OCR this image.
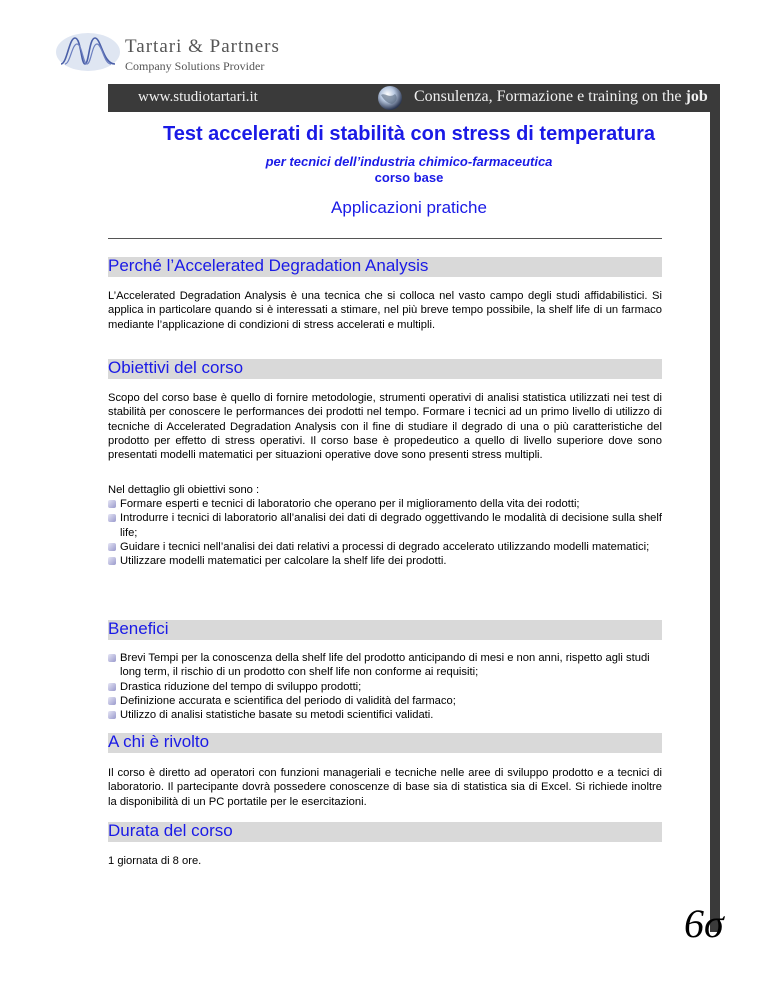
Tartari & Partners
Company Solutions Provider
www.studiotartari.it	Consulenza, Formazione e training on the job
Test accelerati di stabilità con stress di temperatura
per tecnici dell’industria chimico-farmaceutica
corso base
Applicazioni pratiche
Perché l’Accelerated Degradation Analysis
L’Accelerated Degradation Analysis è una tecnica che si colloca nel vasto campo degli studi affidabilistici. Si applica in particolare quando si è interessati a stimare, nel più breve tempo possibile, la shelf life di un farmaco mediante l’applicazione di condizioni di stress accelerati e multipli.
Obiettivi del corso
Scopo del corso base è quello di fornire metodologie, strumenti operativi di analisi statistica utilizzati nei test di stabilità per conoscere le performances dei prodotti nel tempo. Formare i tecnici ad un primo livello di utilizzo di tecniche di Accelerated Degradation Analysis con il fine di studiare il degrado di una o più caratteristiche del prodotto per effetto di stress operativi. Il corso base è propedeutico a quello di livello superiore dove sono presentati modelli matematici per situazioni operative dove sono presenti stress multipli.
Nel dettaglio gli obiettivi sono :
Formare esperti e tecnici di laboratorio che operano per il miglioramento della vita dei rodotti;
Introdurre i tecnici di laboratorio all’analisi dei dati di degrado oggettivando le modalità di decisione sulla shelf life;
Guidare i tecnici nell’analisi dei dati relativi a processi di degrado accelerato utilizzando modelli matematici;
Utilizzare modelli matematici per calcolare la shelf life dei prodotti.
Benefici
Brevi Tempi per la conoscenza della shelf life del prodotto anticipando di mesi e non anni, rispetto agli studi long term, il rischio di un prodotto con shelf life non conforme ai requisiti;
Drastica riduzione del tempo di sviluppo prodotti;
Definizione accurata e scientifica del periodo di validità del farmaco;
Utilizzo di analisi statistiche basate su metodi scientifici validati.
A chi è rivolto
Il corso è diretto ad operatori con funzioni manageriali e tecniche nelle aree di sviluppo prodotto e a tecnici di laboratorio. Il partecipante dovrà possedere conoscenze di base sia di statistica sia di Excel. Si richiede inoltre la disponibilità di un PC portatile per le esercitazioni.
Durata del corso
1 giornata di 8 ore.
6σ
